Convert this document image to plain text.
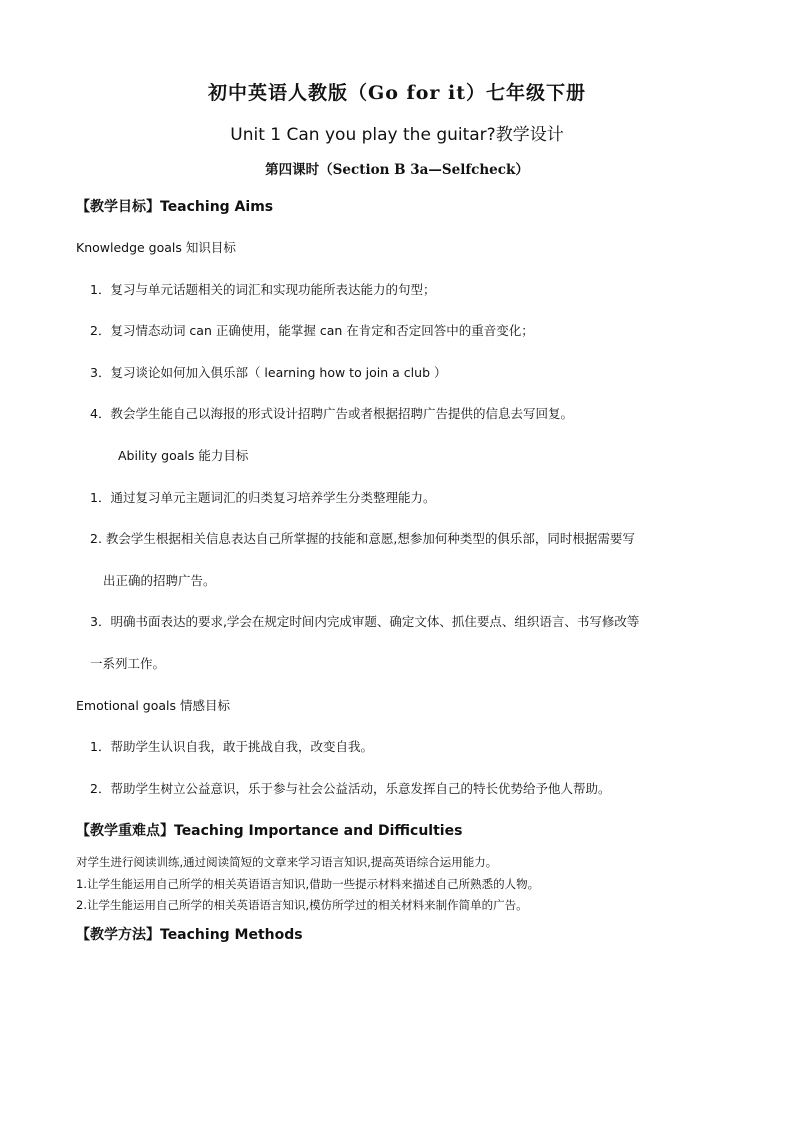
初中英语人教版（Go for it）七年级下册
Unit 1 Can you play the guitar?教学设计
第四课时（Section B 3a—Selfcheck）
【教学目标】Teaching Aims
Knowledge goals 知识目标
1．复习与单元话题相关的词汇和实现功能所表达能力的句型；
2．复习情态动词 can 正确使用，能掌握 can 在肯定和否定回答中的重音变化；
3．复习谈论如何加入俱乐部（ learning how to join a club ）
4．教会学生能自己以海报的形式设计招聘广告或者根据招聘广告提供的信息去写回复。
Ability goals 能力目标
1．通过复习单元主题词汇的归类复习培养学生分类整理能力。
2. 教会学生根据相关信息表达自己所掌握的技能和意愿,想参加何种类型的俱乐部，同时根据需要写
出正确的招聘广告。
3．明确书面表达的要求,学会在规定时间内完成审题、确定文体、抓住要点、组织语言、书写修改等
一系列工作。
Emotional goals 情感目标
1．帮助学生认识自我，敢于挑战自我，改变自我。
2．帮助学生树立公益意识，乐于参与社会公益活动，乐意发挥自己的特长优势给予他人帮助。
【教学重难点】Teaching Importance and Difficulties
对学生进行阅读训练,通过阅读简短的文章来学习语言知识,提高英语综合运用能力。
1.让学生能运用自己所学的相关英语语言知识,借助一些提示材料来描述自己所熟悉的人物。
2.让学生能运用自己所学的相关英语语言知识,模仿所学过的相关材料来制作简单的广告。
【教学方法】Teaching Methods
